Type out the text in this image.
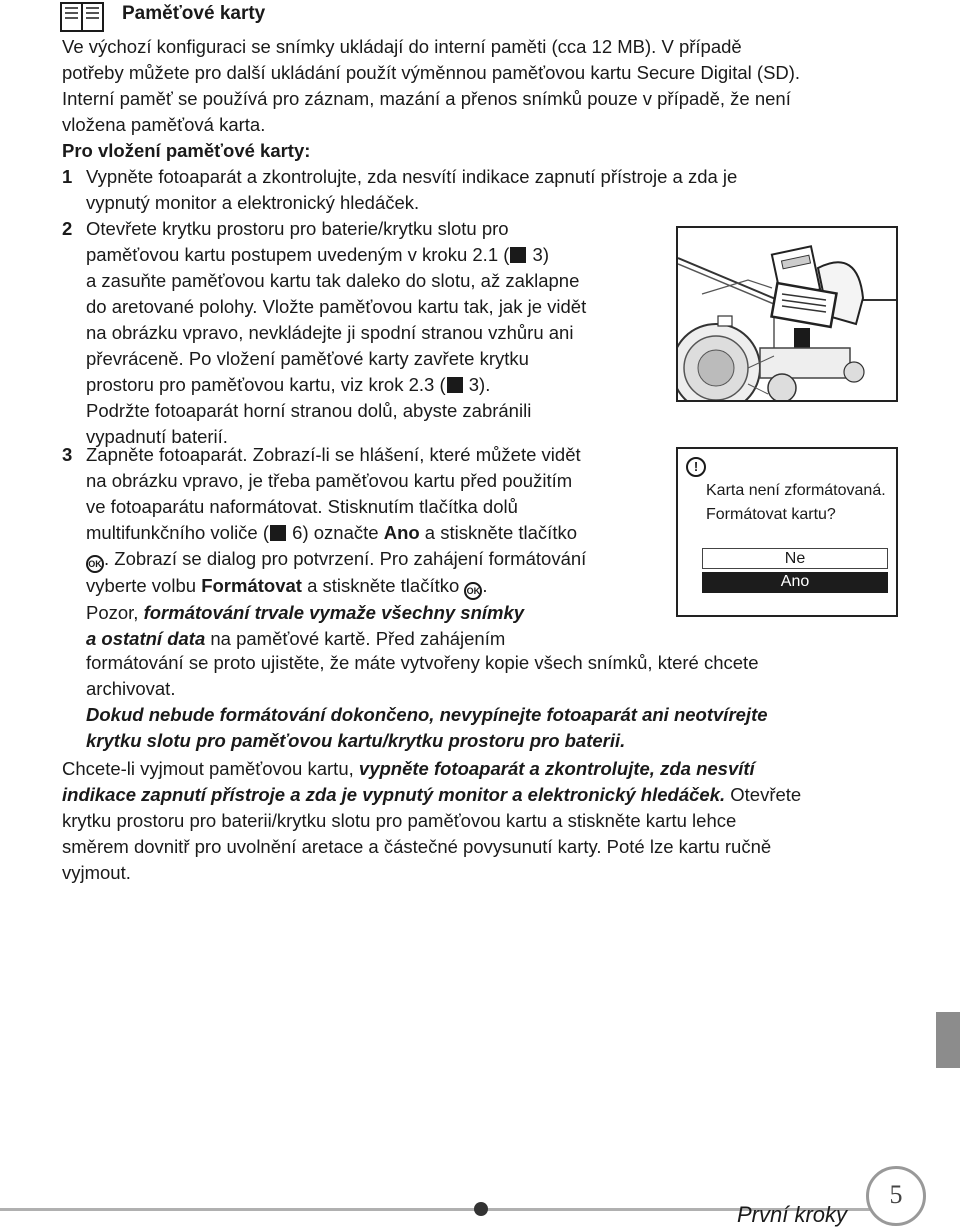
Paměťové karty
Ve výchozí konfiguraci se snímky ukládají do interní paměti (cca 12 MB). V případě
potřeby můžete pro další ukládání použít výměnnou paměťovou kartu Secure Digital (SD).
Interní paměť se používá pro záznam, mazání a přenos snímků pouze v případě, že není
vložena paměťová karta.
Pro vložení paměťové karty:
1 Vypněte fotoaparát a zkontrolujte, zda nesvítí indikace zapnutí přístroje a zda je
vypnutý monitor a elektronický hledáček.
2 Otevřete krytku prostoru pro baterie/krytku slotu pro
paměťovou kartu postupem uvedeným v kroku 2.1 ( 3)
a zasuňte paměťovou kartu tak daleko do slotu, až zaklapne
do aretované polohy. Vložte paměťovou kartu tak, jak je vidět
na obrázku vpravo, nevkládejte ji spodní stranou vzhůru ani
převráceně. Po vložení paměťové karty zavřete krytku
prostoru pro paměťovou kartu, viz krok 2.3 ( 3).
Podržte fotoaparát horní stranou dolů, abyste zabránili
vypadnutí baterií.
3 Zapněte fotoaparát. Zobrazí-li se hlášení, které můžete vidět
na obrázku vpravo, je třeba paměťovou kartu před použitím
ve fotoaparátu naformátovat. Stisknutím tlačítka dolů
multifunkčního voliče ( 6) označte Ano a stiskněte tlačítko
OK . Zobrazí se dialog pro potvrzení. Pro zahájení formátování
vyberte volbu Formátovat a stiskněte tlačítko OK .
Pozor, formátování trvale vymaže všechny snímky
a ostatní data na paměťové kartě. Před zahájením
formátování se proto ujistěte, že máte vytvořeny kopie všech snímků, které chcete
archivovat.
Dokud nebude formátování dokončeno, nevypínejte fotoaparát ani neotvírejte
krytku slotu pro paměťovou kartu/krytku prostoru pro baterii.
!
Karta není zformátovaná.
Formátovat kartu?
Ne
Ano
Chcete-li vyjmout paměťovou kartu, vypněte fotoaparát a zkontrolujte, zda nesvítí
indikace zapnutí přístroje a zda je vypnutý monitor a elektronický hledáček. Otevřete
krytku prostoru pro baterii/krytku slotu pro paměťovou kartu a stiskněte kartu lehce
směrem dovnitř pro uvolnění aretace a částečné povysunutí karty. Poté lze kartu ručně
vyjmout.
První kroky
5
